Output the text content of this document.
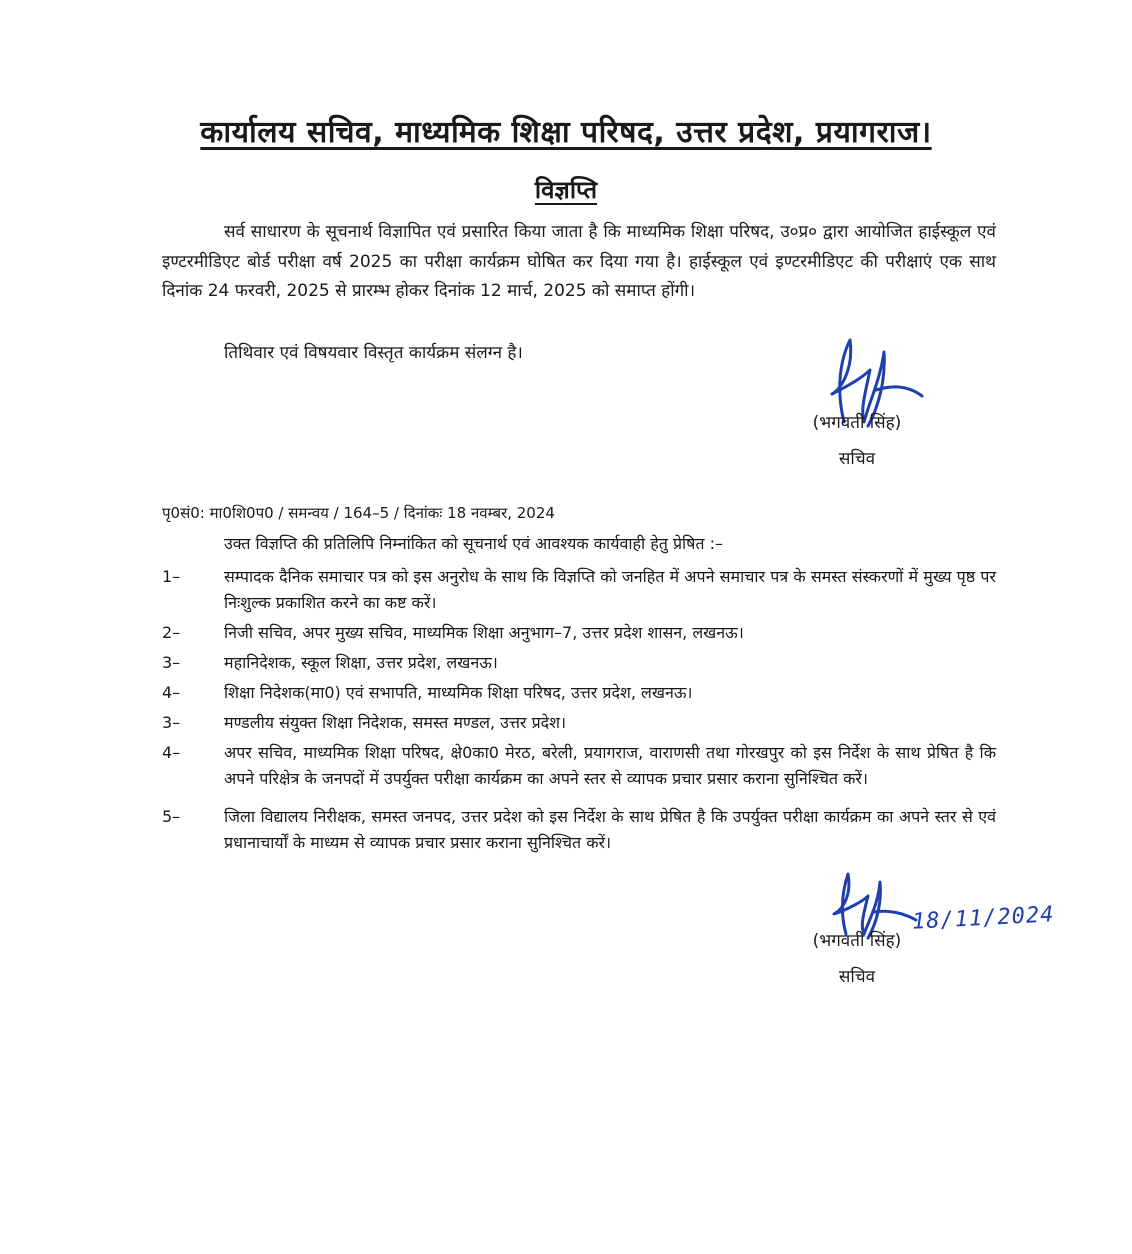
कार्यालय सचिव, माध्यमिक शिक्षा परिषद, उत्तर प्रदेश, प्रयागराज।
विज्ञप्ति
सर्व साधारण के सूचनार्थ विज्ञापित एवं प्रसारित किया जाता है कि माध्यमिक शिक्षा परिषद, उ०प्र० द्वारा आयोजित हाईस्कूल एवं इण्टरमीडिएट बोर्ड परीक्षा वर्ष 2025 का परीक्षा कार्यक्रम घोषित कर दिया गया है। हाईस्कूल एवं इण्टरमीडिएट की परीक्षाएं एक साथ दिनांक 24 फरवरी, 2025 से प्रारम्भ होकर दिनांक 12 मार्च, 2025 को समाप्त होंगी।
तिथिवार एवं विषयवार विस्तृत कार्यक्रम संलग्न है।
(भगवती सिंह)
सचिव
पृ0सं0: मा0शि0प0 / समन्वय / 164–5 / दिनांकः 18 नवम्बर, 2024
उक्त विज्ञप्ति की प्रतिलिपि निम्नांकित को सूचनार्थ एवं आवश्यक कार्यवाही हेतु प्रेषित :–
1–	सम्पादक दैनिक समाचार पत्र को इस अनुरोध के साथ कि विज्ञप्ति को जनहित में अपने समाचार पत्र के समस्त संस्करणों में मुख्य पृष्ठ पर निःशुल्क प्रकाशित करने का कष्ट करें।
2–	निजी सचिव, अपर मुख्य सचिव, माध्यमिक शिक्षा अनुभाग–7, उत्तर प्रदेश शासन, लखनऊ।
3–	महानिदेशक, स्कूल शिक्षा, उत्तर प्रदेश, लखनऊ।
4–	शिक्षा निदेशक(मा0) एवं सभापति, माध्यमिक शिक्षा परिषद, उत्तर प्रदेश, लखनऊ।
3–	मण्डलीय संयुक्त शिक्षा निदेशक, समस्त मण्डल, उत्तर प्रदेश।
4–	अपर सचिव, माध्यमिक शिक्षा परिषद, क्षे0का0 मेरठ, बरेली, प्रयागराज, वाराणसी तथा गोरखपुर को इस निर्देश के साथ प्रेषित है कि अपने परिक्षेत्र के जनपदों में उपर्युक्त परीक्षा कार्यक्रम का अपने स्तर से व्यापक प्रचार प्रसार कराना सुनिश्चित करें।
5–	जिला विद्यालय निरीक्षक, समस्त जनपद, उत्तर प्रदेश को इस निर्देश के साथ प्रेषित है कि उपर्युक्त परीक्षा कार्यक्रम का अपने स्तर से एवं प्रधानाचार्यों के माध्यम से व्यापक प्रचार प्रसार कराना सुनिश्चित करें।
18/11/2024
(भगवती सिंह)
सचिव
